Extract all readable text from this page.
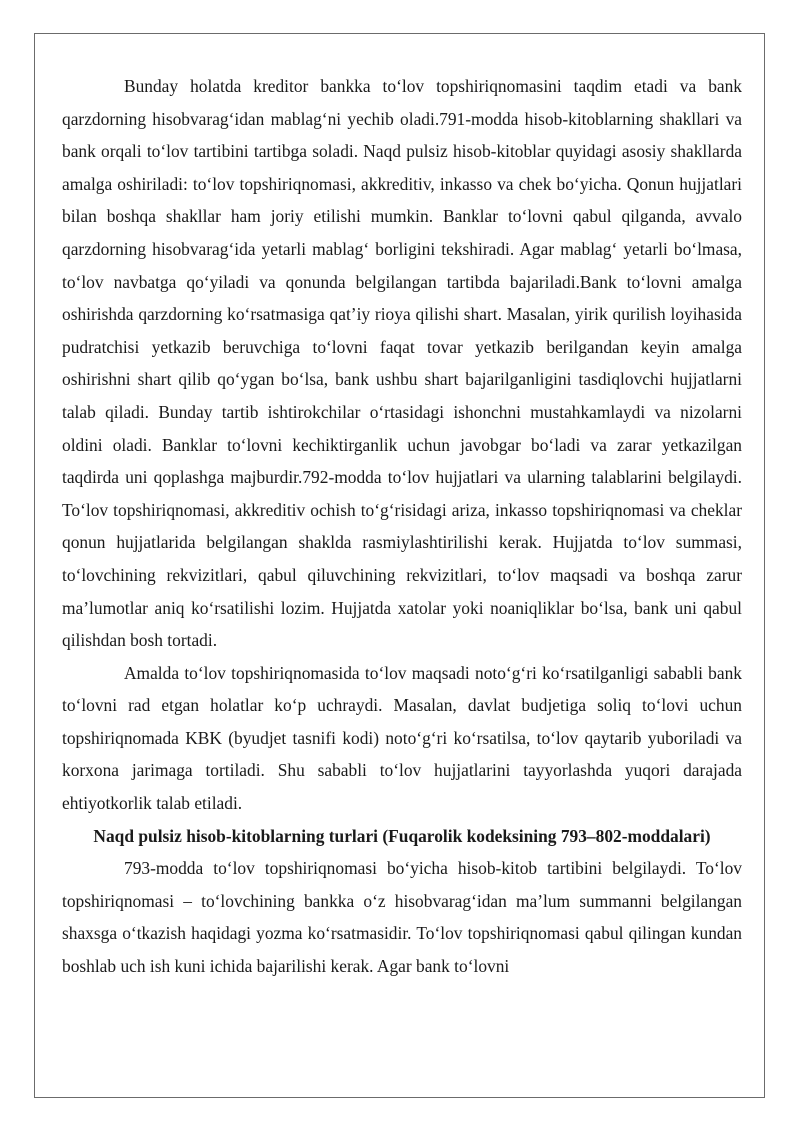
Bunday holatda kreditor bankka to‘lov topshiriqnomasini taqdim etadi va bank qarzdorning hisobvarag‘idan mablag‘ni yechib oladi.791-modda hisob-kitoblarning shakllari va bank orqali to‘lov tartibini tartibga soladi. Naqd pulsiz hisob-kitoblar quyidagi asosiy shakllarda amalga oshiriladi: to‘lov topshiriqnomasi, akkreditiv, inkasso va chek bo‘yicha. Qonun hujjatlari bilan boshqa shakllar ham joriy etilishi mumkin. Banklar to‘lovni qabul qilganda, avvalo qarzdorning hisobvarag‘ida yetarli mablag‘ borligini tekshiradi. Agar mablag‘ yetarli bo‘lmasa, to‘lov navbatga qo‘yiladi va qonunda belgilangan tartibda bajariladi.Bank to‘lovni amalga oshirishda qarzdorning ko‘rsatmasiga qat’iy rioya qilishi shart. Masalan, yirik qurilish loyihasida pudratchisi yetkazib beruvchiga to‘lovni faqat tovar yetkazib berilgandan keyin amalga oshirishni shart qilib qo‘ygan bo‘lsa, bank ushbu shart bajarilganligini tasdiqlovchi hujjatlarni talab qiladi. Bunday tartib ishtirokchilar o‘rtasidagi ishonchni mustahkamlaydi va nizolarni oldini oladi. Banklar to‘lovni kechiktirganlik uchun javobgar bo‘ladi va zarar yetkazilgan taqdirda uni qoplashga majburdir.792-modda to‘lov hujjatlari va ularning talablarini belgilaydi. To‘lov topshiriqnomasi, akkreditiv ochish to‘g‘risidagi ariza, inkasso topshiriqnomasi va cheklar qonun hujjatlarida belgilangan shaklda rasmiylashtirilishi kerak. Hujjatda to‘lov summasi, to‘lovchining rekvizitlari, qabul qiluvchining rekvizitlari, to‘lov maqsadi va boshqa zarur ma’lumotlar aniq ko‘rsatilishi lozim. Hujjatda xatolar yoki noaniqliklar bo‘lsa, bank uni qabul qilishdan bosh tortadi.

Amalda to‘lov topshiriqnomasida to‘lov maqsadi noto‘g‘ri ko‘rsatilganligi sababli bank to‘lovni rad etgan holatlar ko‘p uchraydi. Masalan, davlat budjetiga soliq to‘lovi uchun topshiriqnomada KBK (byudjet tasnifi kodi) noto‘g‘ri ko‘rsatilsa, to‘lov qaytarib yuboriladi va korxona jarimaga tortiladi. Shu sababli to‘lov hujjatlarini tayyorlashda yuqori darajada ehtiyotkorlik talab etiladi.

Naqd pulsiz hisob-kitoblarning turlari (Fuqarolik kodeksining 793–802-moddalari)

793-modda to‘lov topshiriqnomasi bo‘yicha hisob-kitob tartibini belgilaydi. To‘lov topshiriqnomasi – to‘lovchining bankka o‘z hisobvarag‘idan ma’lum summanni belgilangan shaxsga o‘tkazish haqidagi yozma ko‘rsatmasidir. To‘lov topshiriqnomasi qabul qilingan kundan boshlab uch ish kuni ichida bajarilishi kerak. Agar bank to‘lovni
